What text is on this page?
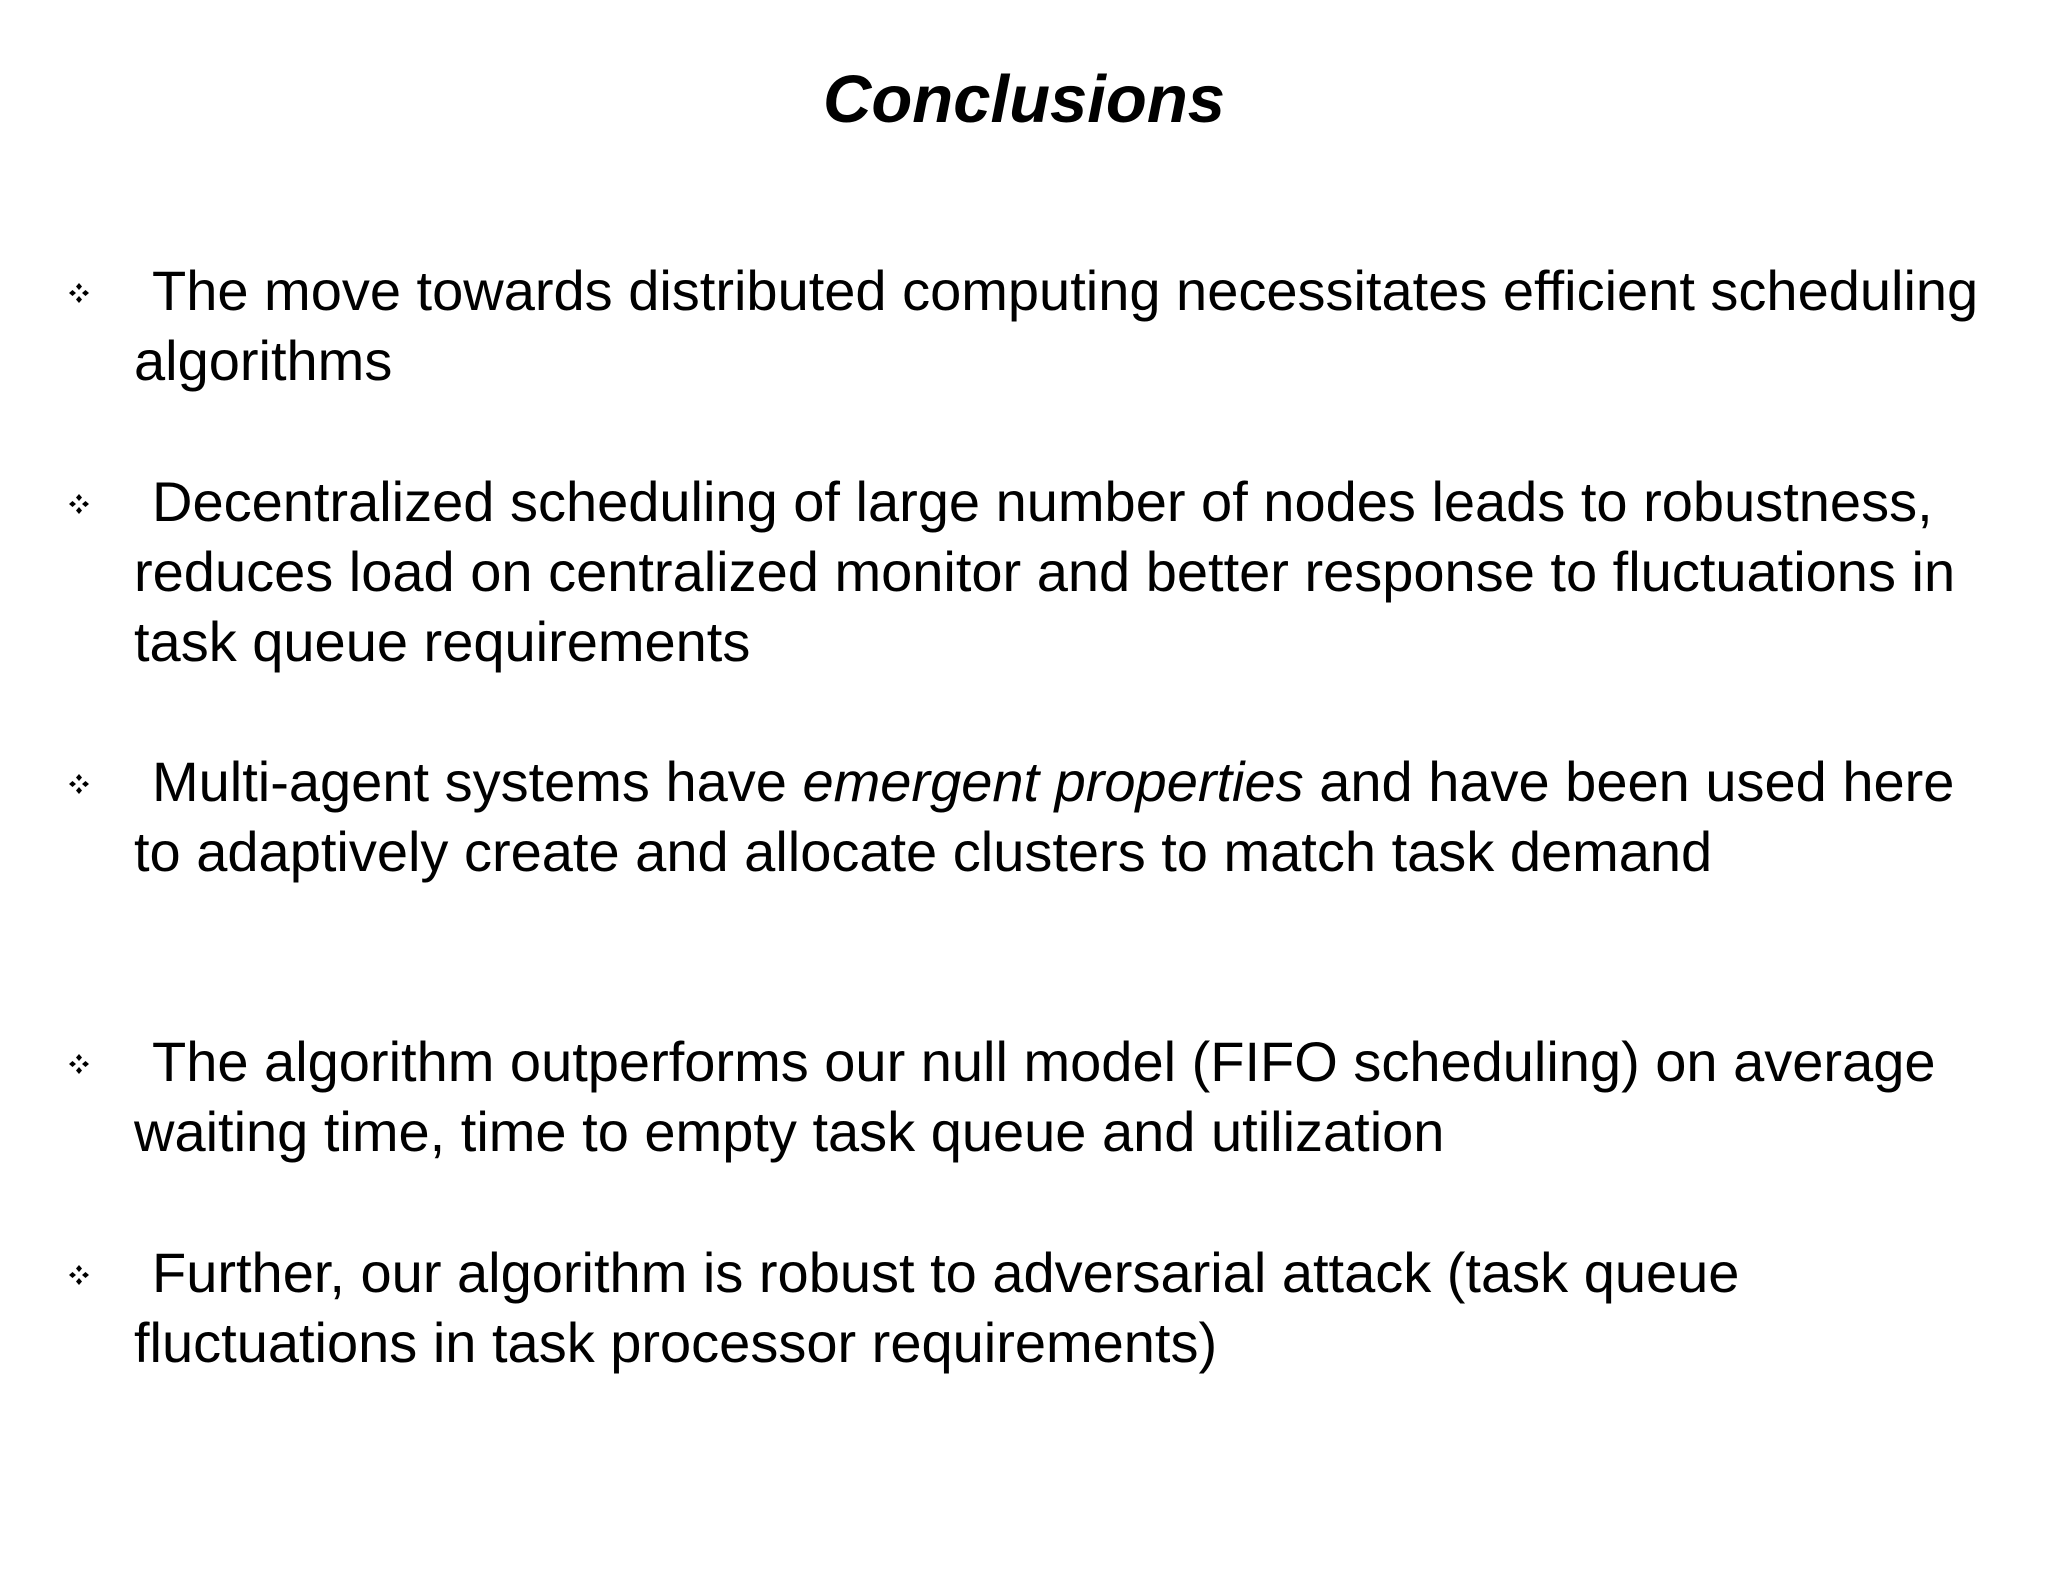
Conclusions

The move towards distributed computing necessitates efficient scheduling algorithms

Decentralized scheduling of large number of nodes leads to robustness, reduces load on centralized monitor and better response to fluctuations in task queue requirements

Multi-agent systems have emergent properties and have been used here to adaptively create and allocate clusters to match task demand

The algorithm outperforms our null model (FIFO scheduling) on average waiting time, time to empty task queue and utilization

Further, our algorithm is robust to adversarial attack (task queue fluctuations in task processor requirements)
